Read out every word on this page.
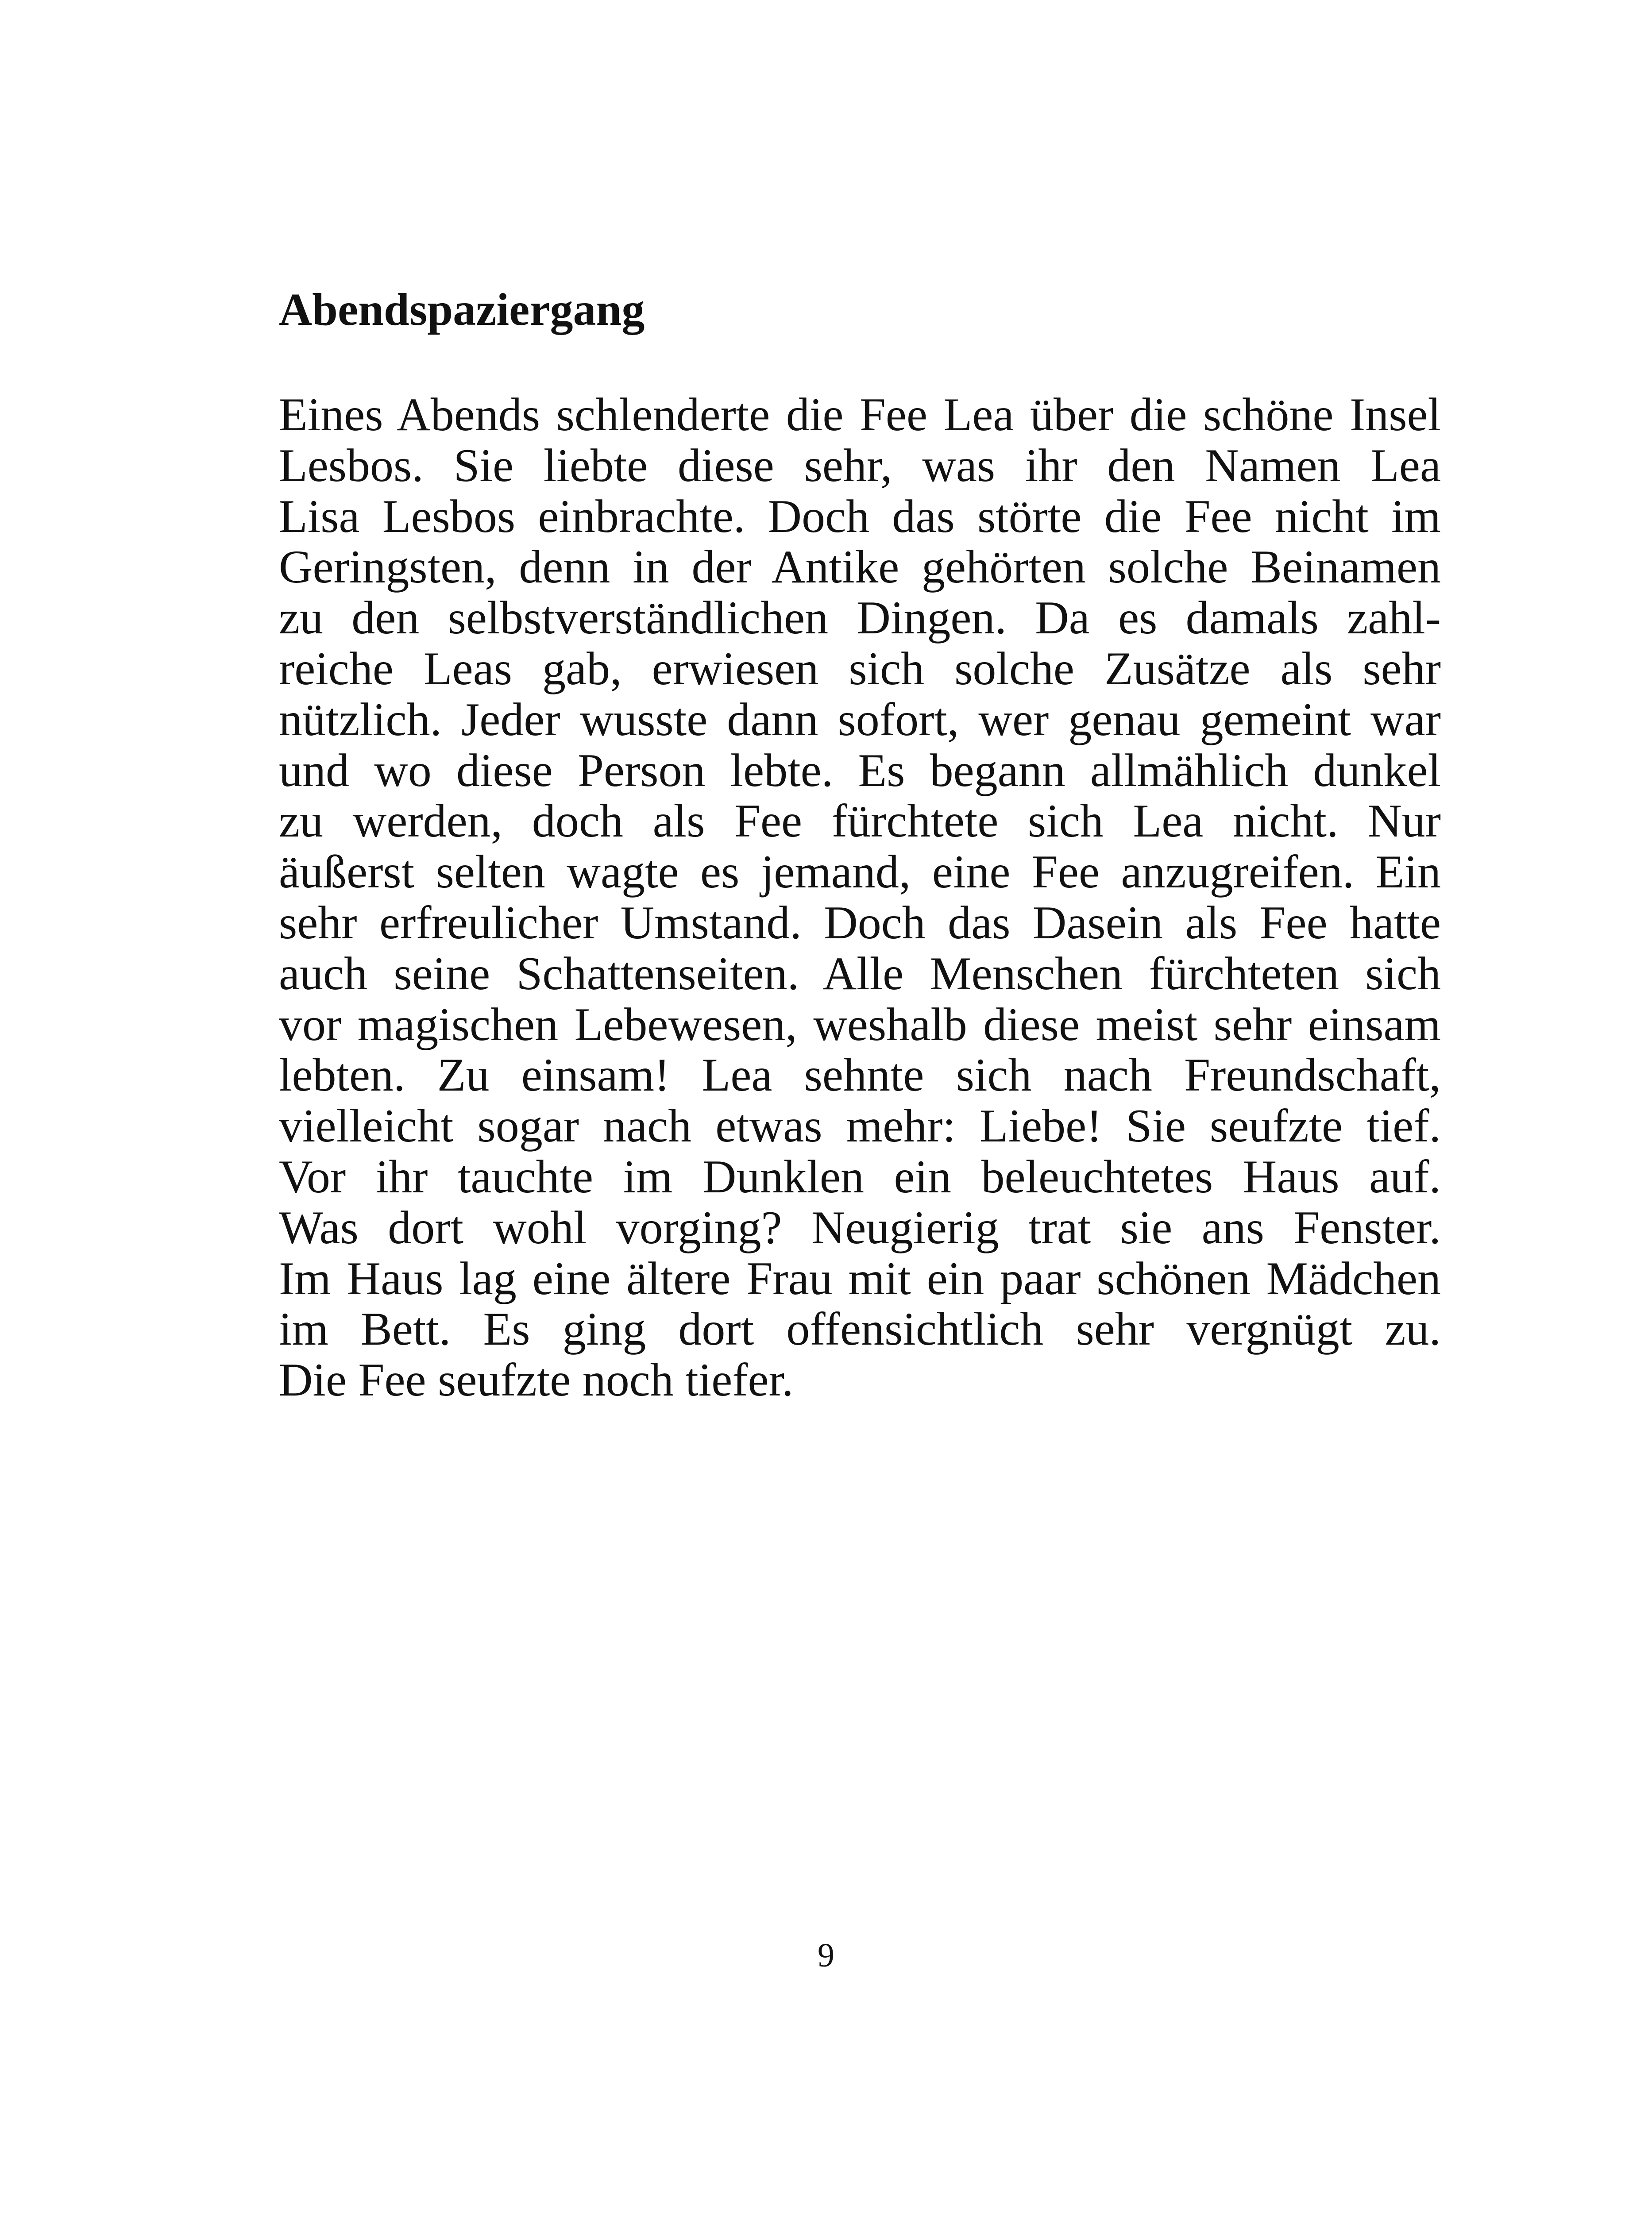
Abendspaziergang
Eines Abends schlenderte die Fee Lea über die schöne Insel
Lesbos. Sie liebte diese sehr, was ihr den Namen Lea
Lisa Lesbos einbrachte. Doch das störte die Fee nicht im
Geringsten, denn in der Antike gehörten solche Beinamen
zu den selbstverständlichen Dingen. Da es damals zahl-
reiche Leas gab, erwiesen sich solche Zusätze als sehr
nützlich. Jeder wusste dann sofort, wer genau gemeint war
und wo diese Person lebte. Es begann allmählich dunkel
zu werden, doch als Fee fürchtete sich Lea nicht. Nur
äußerst selten wagte es jemand, eine Fee anzugreifen. Ein
sehr erfreulicher Umstand. Doch das Dasein als Fee hatte
auch seine Schattenseiten. Alle Menschen fürchteten sich
vor magischen Lebewesen, weshalb diese meist sehr einsam
lebten. Zu einsam! Lea sehnte sich nach Freundschaft,
vielleicht sogar nach etwas mehr: Liebe! Sie seufzte tief.
Vor ihr tauchte im Dunklen ein beleuchtetes Haus auf.
Was dort wohl vorging? Neugierig trat sie ans Fenster.
Im Haus lag eine ältere Frau mit ein paar schönen Mädchen
im Bett. Es ging dort offensichtlich sehr vergnügt zu.
Die Fee seufzte noch tiefer.
9
